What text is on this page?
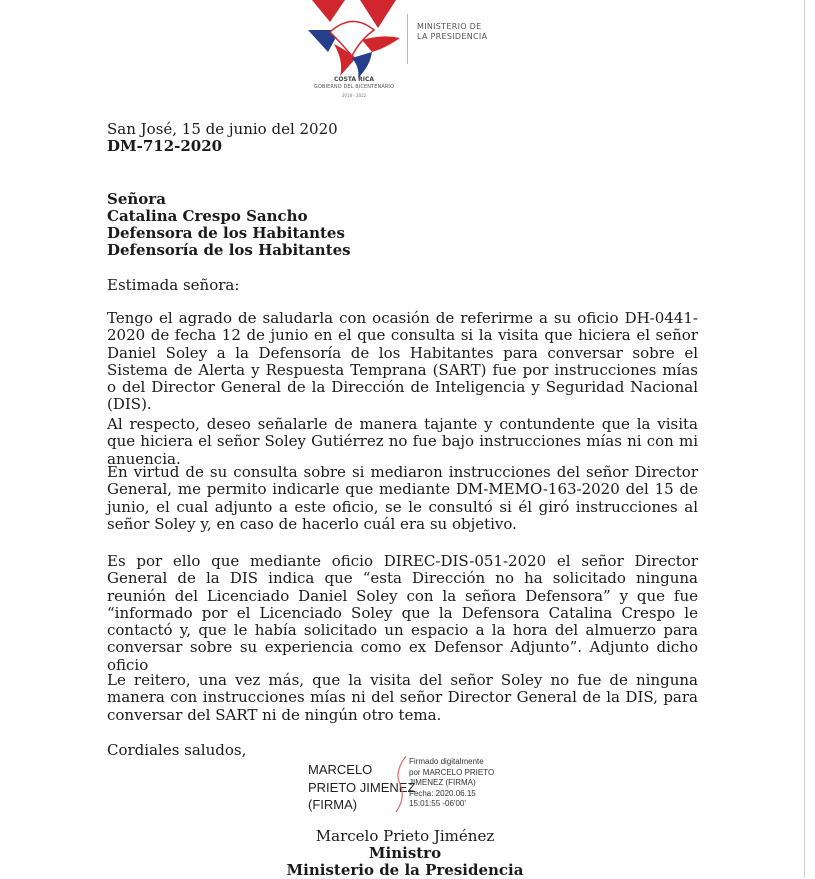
MINISTERIO DE
LA PRESIDENCIA
COSTA RICA
GOBIERNO DEL BICENTENARIO
2018 - 2022
San José, 15 de junio del 2020
DM-712-2020
Señora
Catalina Crespo Sancho
Defensora de los Habitantes
Defensoría de los Habitantes
Estimada señora:

Tengo el agrado de saludarla con ocasión de referirme a su oficio DH-0441-2020 de fecha 12 de junio en el que consulta si la visita que hiciera el señor Daniel Soley a la Defensoría de los Habitantes para conversar sobre el Sistema de Alerta y Respuesta Temprana (SART) fue por instrucciones mías o del Director General de la Dirección de Inteligencia y Seguridad Nacional (DIS).

Al respecto, deseo señalarle de manera tajante y contundente que la visita que hiciera el señor Soley Gutiérrez no fue bajo instrucciones mías ni con mi anuencia.

En virtud de su consulta sobre si mediaron instrucciones del señor Director General, me permito indicarle que mediante DM-MEMO-163-2020 del 15 de junio, el cual adjunto a este oficio, se le consultó si él giró instrucciones al señor Soley y, en caso de hacerlo cuál era su objetivo.

Es por ello que mediante oficio DIREC-DIS-051-2020 el señor Director General de la DIS indica que “esta Dirección no ha solicitado ninguna reunión del Licenciado Daniel Soley con la señora Defensora” y que fue “informado por el Licenciado Soley que la Defensora Catalina Crespo le contactó y, que le había solicitado un espacio a la hora del almuerzo para conversar sobre su experiencia como ex Defensor Adjunto”. Adjunto dicho oficio

Le reitero, una vez más, que la visita del señor Soley no fue de ninguna manera con instrucciones mías ni del señor Director General de la DIS, para conversar del SART ni de ningún otro tema.

Cordiales saludos,
MARCELO
PRIETO JIMENEZ
(FIRMA)
Firmado digitalmente
por MARCELO PRIETO
JIMENEZ (FIRMA)
Fecha: 2020.06.15
15:01:55 -06'00'
Marcelo Prieto Jiménez
Ministro
Ministerio de la Presidencia
